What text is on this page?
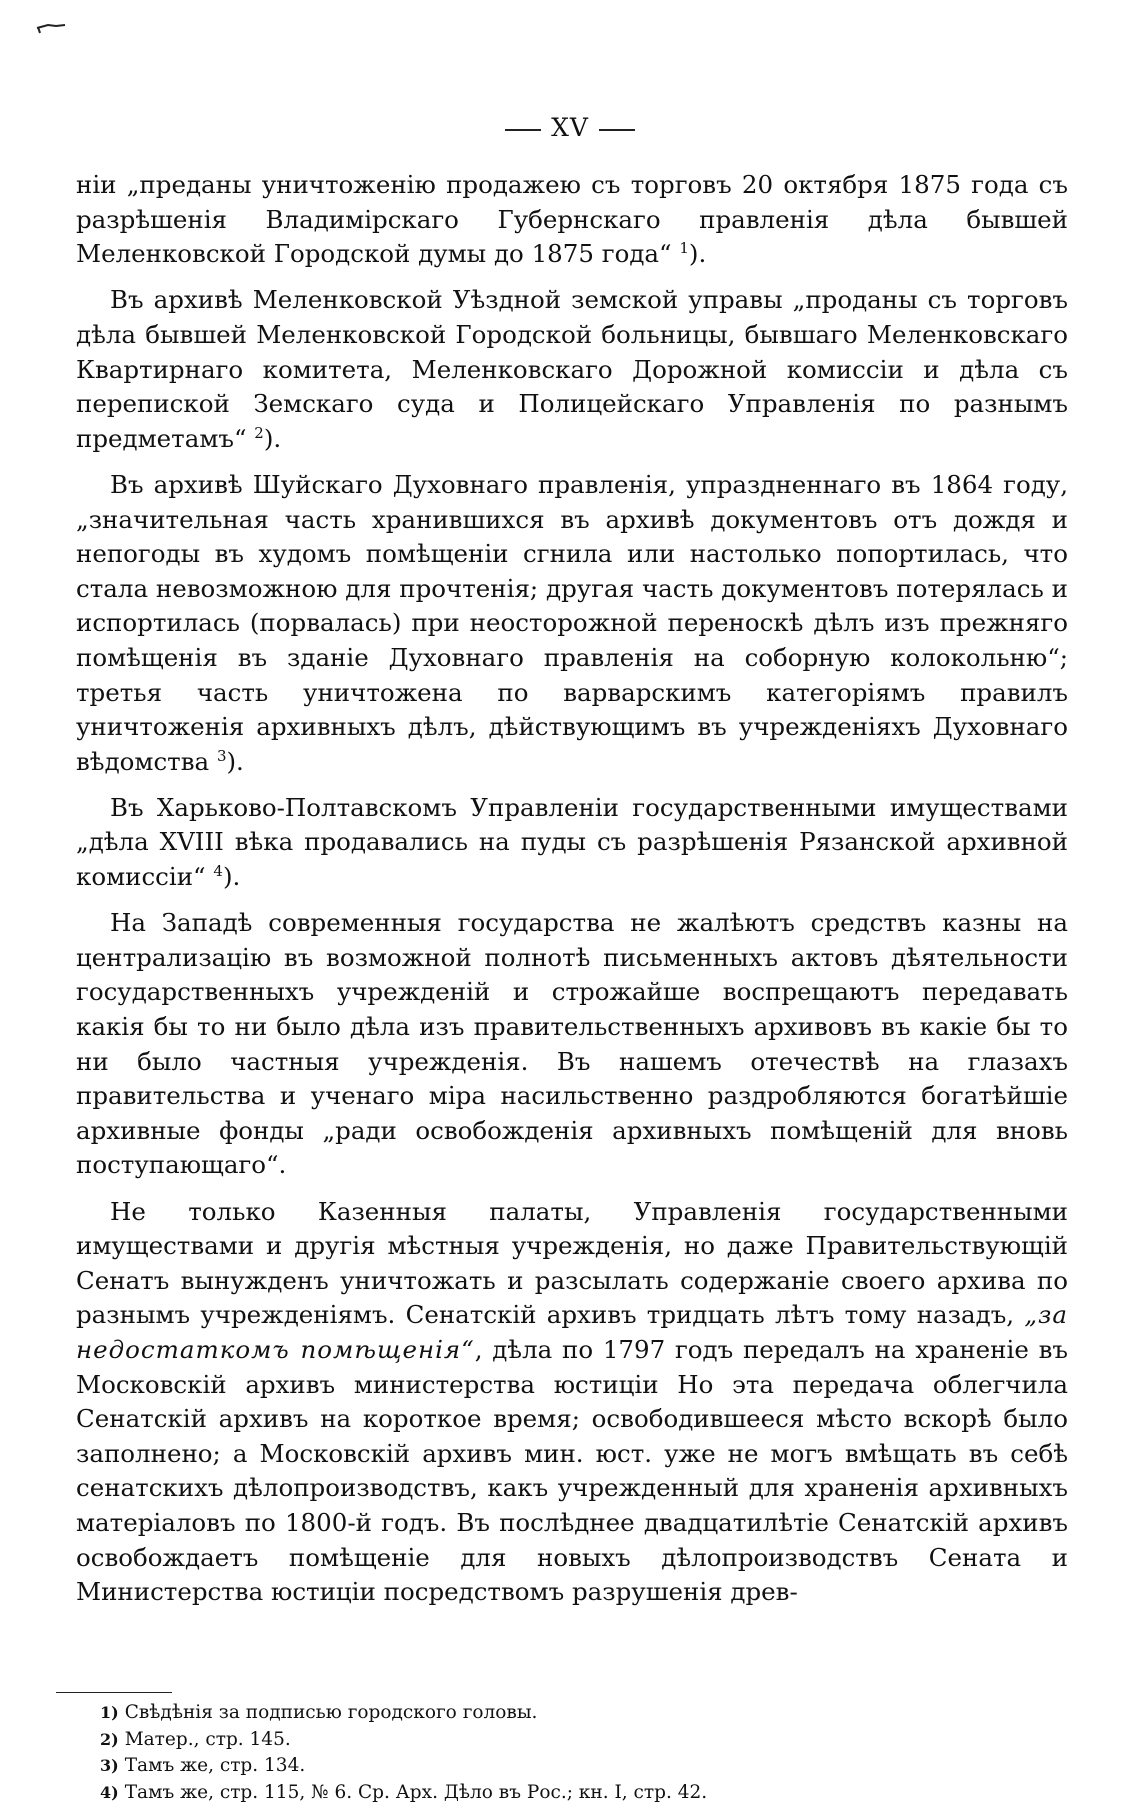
XV

нiи „преданы уничтоженiю продажею съ торговъ 20 октября 1875 года съ разрѣшенiя Владимiрскаго Губернскаго правленiя дѣла бывшей Меленковской Городской думы до 1875 года“ $^1$).

Въ архивѣ Меленковской Уѣздной земской управы „проданы съ торговъ дѣла бывшей Меленковской Городской больницы, бывшаго Меленковскаго Квартирнаго комитета, Меленковскаго Дорожной комиссiи и дѣла съ перепиской Земскаго суда и Полицейскаго Управленiя по разнымъ предметамъ“ $^2$).

Въ архивѣ Шуйскаго Духовнаго правленiя, упраздненнаго въ 1864 году, „значительная часть хранившихся въ архивѣ документовъ отъ дождя и непогоды въ худомъ помѣщенiи сгнила или настолько попортилась, что стала невозможною для прочтенiя; другая часть документовъ потерялась и испортилась (порвалась) при неосторожной переноскѣ дѣлъ изъ прежняго помѣщенiя въ зданiе Духовнаго правленiя на соборную колокольню“; третья часть уничтожена по варварскимъ категорiямъ правилъ уничтоженiя архивныхъ дѣлъ, дѣйствующимъ въ учрежденiяхъ Духовнаго вѣдомства $^3$).

Въ Харьково-Полтавскомъ Управленiи государственными имуществами „дѣла XVIII вѣка продавались на пуды съ разрѣшенiя Рязанской архивной комиссiи“ $^4$).

На Западѣ современныя государства не жалѣютъ средствъ казны на централизацiю въ возможной полнотѣ письменныхъ актовъ дѣятельности государственныхъ учрежденiй и строжайше воспрещаютъ передавать какiя бы то ни было дѣла изъ правительственныхъ архивовъ въ какiе бы то ни было частныя учрежденiя. Въ нашемъ отечествѣ на глазахъ правительства и ученаго мiра насильственно раздробляются богатѣйшiе архивные фонды „ради освобожденiя архивныхъ помѣщенiй для вновь поступающаго“.

Не только Казенныя палаты, Управленiя государственными имуществами и другiя мѣстныя учрежденiя, но даже Правительствующiй Сенатъ вынужденъ уничтожать и разсылать содержанiе своего архива по разнымъ учрежденiямъ. Сенатскiй архивъ тридцать лѣтъ тому назадъ, „за недостаткомъ помѣщенiя“, дѣла по 1797 годъ передалъ на храненiе въ Московскiй архивъ министерства юстицiи Но эта передача облегчила Сенатскiй архивъ на короткое время; освободившееся мѣсто вскорѣ было заполнено; а Московскiй архивъ мин. юст. уже не могъ вмѣщать въ себѣ сенатскихъ дѣлопроизводствъ, какъ учрежденный для храненiя архивныхъ матерiаловъ по 1800-й годъ. Въ послѣднее двадцатилѣтiе Сенатскiй архивъ освобождаетъ помѣщенiе для новыхъ дѣлопроизводствъ Сената и Министерства юстицiи посредствомъ разрушенiя древ-

1) Свѣдѣнiя за подписью городского головы.
2) Матер., стр. 145.
3) Тамъ же, стр. 134.
4) Тамъ же, стр. 115, № 6. Ср. Арх. Дѣло въ Рос.; кн. I, стр. 42.
